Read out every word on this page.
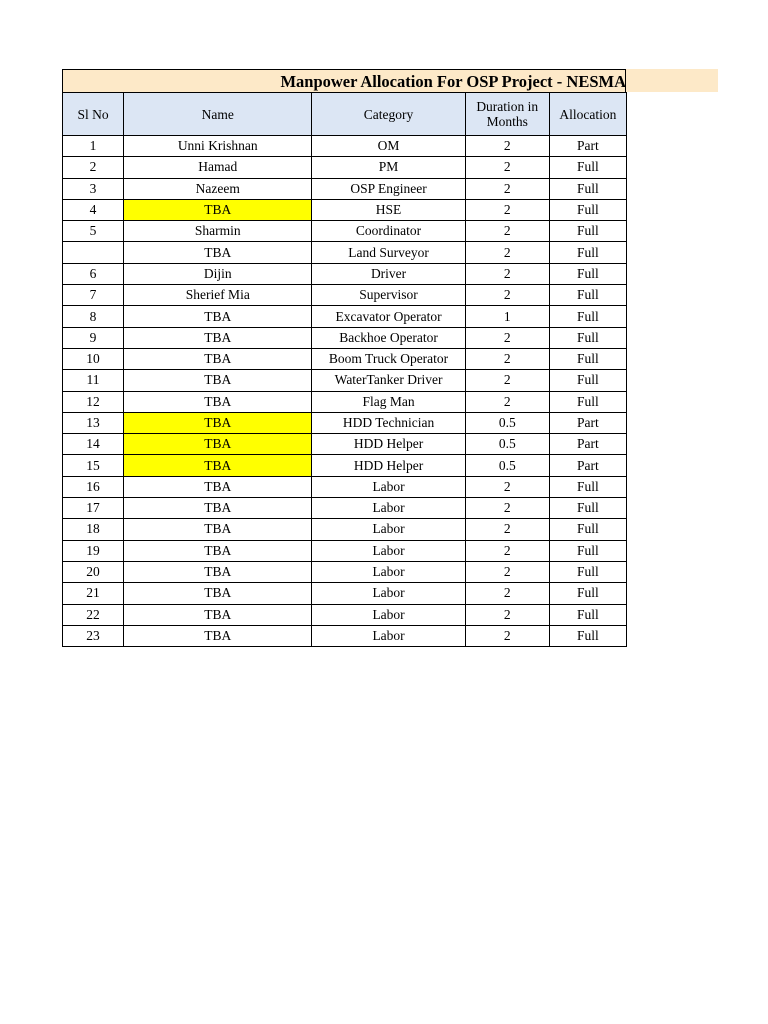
Manpower Allocation For OSP Project - NESMA
Sl No	Name	Category	Duration in Months	Allocation
1	Unni Krishnan	OM	2	Part
2	Hamad	PM	2	Full
3	Nazeem	OSP Engineer	2	Full
4	TBA	HSE	2	Full
5	Sharmin	Coordinator	2	Full
	TBA	Land Surveyor	2	Full
6	Dijin	Driver	2	Full
7	Sherief Mia	Supervisor	2	Full
8	TBA	Excavator Operator	1	Full
9	TBA	Backhoe Operator	2	Full
10	TBA	Boom Truck Operator	2	Full
11	TBA	WaterTanker Driver	2	Full
12	TBA	Flag Man	2	Full
13	TBA	HDD Technician	0.5	Part
14	TBA	HDD Helper	0.5	Part
15	TBA	HDD Helper	0.5	Part
16	TBA	Labor	2	Full
17	TBA	Labor	2	Full
18	TBA	Labor	2	Full
19	TBA	Labor	2	Full
20	TBA	Labor	2	Full
21	TBA	Labor	2	Full
22	TBA	Labor	2	Full
23	TBA	Labor	2	Full
